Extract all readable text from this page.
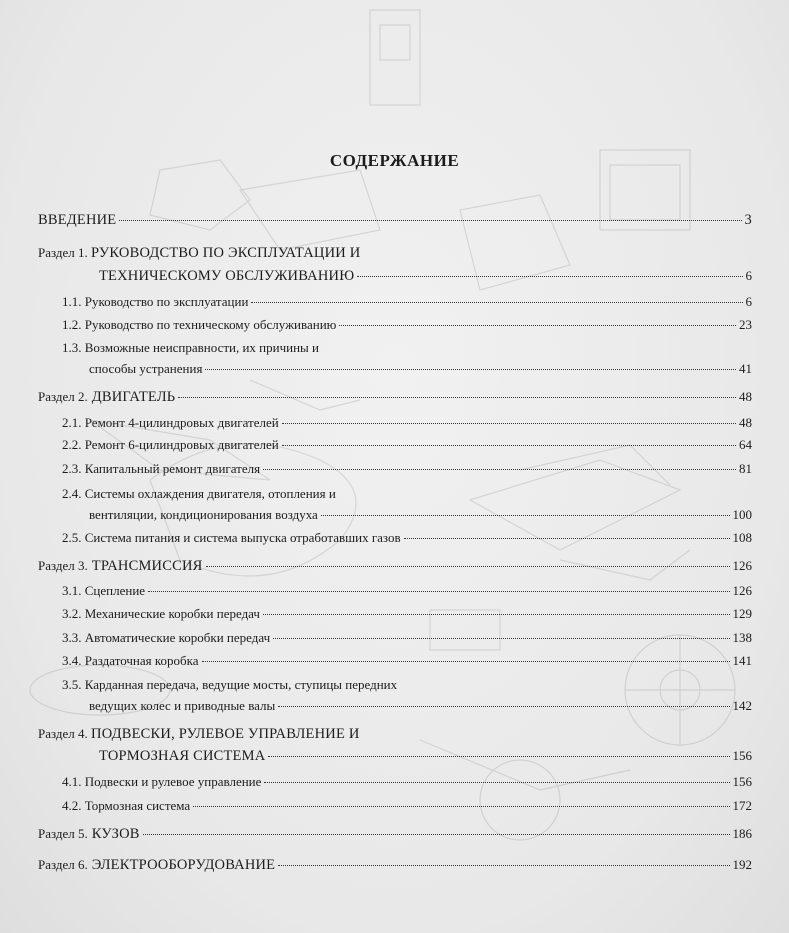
СОДЕРЖАНИЕ
ВВЕДЕНИЕ	3
Раздел 1. РУКОВОДСТВО ПО ЭКСПЛУАТАЦИИ И
ТЕХНИЧЕСКОМУ ОБСЛУЖИВАНИЮ	6
1.1. Руководство по эксплуатации	6
1.2. Руководство по техническому обслуживанию	23
1.3. Возможные неисправности, их причины и
способы устранения	41
Раздел 2. ДВИГАТЕЛЬ	48
2.1. Ремонт 4-цилиндровых двигателей	48
2.2. Ремонт 6-цилиндровых двигателей	64
2.3. Капитальный ремонт двигателя	81
2.4. Системы охлаждения двигателя, отопления и
вентиляции, кондиционирования воздуха	100
2.5. Система питания и система выпуска отработавших газов	108
Раздел 3. ТРАНСМИССИЯ	126
3.1. Сцепление	126
3.2. Механические коробки передач	129
3.3. Автоматические коробки передач	138
3.4. Раздаточная коробка	141
3.5. Карданная передача, ведущие мосты, ступицы передних
ведущих колес и приводные валы	142
Раздел 4. ПОДВЕСКИ, РУЛЕВОЕ УПРАВЛЕНИЕ И
ТОРМОЗНАЯ СИСТЕМА	156
4.1. Подвески и рулевое управление	156
4.2. Тормозная система	172
Раздел 5. КУЗОВ	186
Раздел 6. ЭЛЕКТРООБОРУДОВАНИЕ	192
